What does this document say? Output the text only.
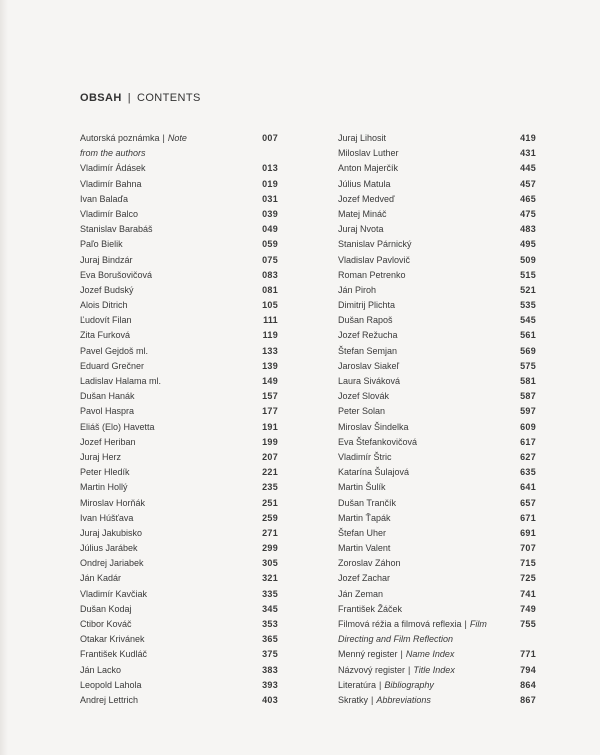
OBSAH | CONTENTS
Autorská poznámka | Note	007
from the authors
Vladimír Ádásek	013
Vladimír Bahna	019
Ivan Balaďa	031
Vladimír Balco	039
Stanislav Barabáš	049
Paľo Bielik	059
Juraj Bindzár	075
Eva Borušovičová	083
Jozef Budský	081
Alois Ditrich	105
Ľudovít Filan	111
Zita Furková	119
Pavel Gejdoš ml.	133
Eduard Grečner	139
Ladislav Halama ml.	149
Dušan Hanák	157
Pavol Haspra	177
Eliáš (Elo) Havetta	191
Jozef Heriban	199
Juraj Herz	207
Peter Hledík	221
Martin Hollý	235
Miroslav Horňák	251
Ivan Húšťava	259
Juraj Jakubisko	271
Július Jarábek	299
Ondrej Jariabek	305
Ján Kadár	321
Vladimír Kavčiak	335
Dušan Kodaj	345
Ctibor Kováč	353
Otakar Krivánek	365
František Kudláč	375
Ján Lacko	383
Leopold Lahola	393
Andrej Lettrich	403
Juraj Lihosit	419
Miloslav Luther	431
Anton Majerčík	445
Július Matula	457
Jozef Medveď	465
Matej Mináč	475
Juraj Nvota	483
Stanislav Párnický	495
Vladislav Pavlovič	509
Roman Petrenko	515
Ján Piroh	521
Dimitrij Plichta	535
Dušan Rapoš	545
Jozef Režucha	561
Štefan Semjan	569
Jaroslav Siakeľ	575
Laura Siváková	581
Jozef Slovák	587
Peter Solan	597
Miroslav Šindelka	609
Eva Štefankovičová	617
Vladimír Štric	627
Katarína Šulajová	635
Martin Šulík	641
Dušan Trančík	657
Martin Ťapák	671
Štefan Uher	691
Martin Valent	707
Zoroslav Záhon	715
Jozef Zachar	725
Ján Zeman	741
František Žáček	749
Filmová réžia a filmová reflexia | Film	755
Directing and Film Reflection
Menný register | Name Index	771
Názvový register | Title Index	794
Literatúra | Bibliography	864
Skratky | Abbreviations	867
